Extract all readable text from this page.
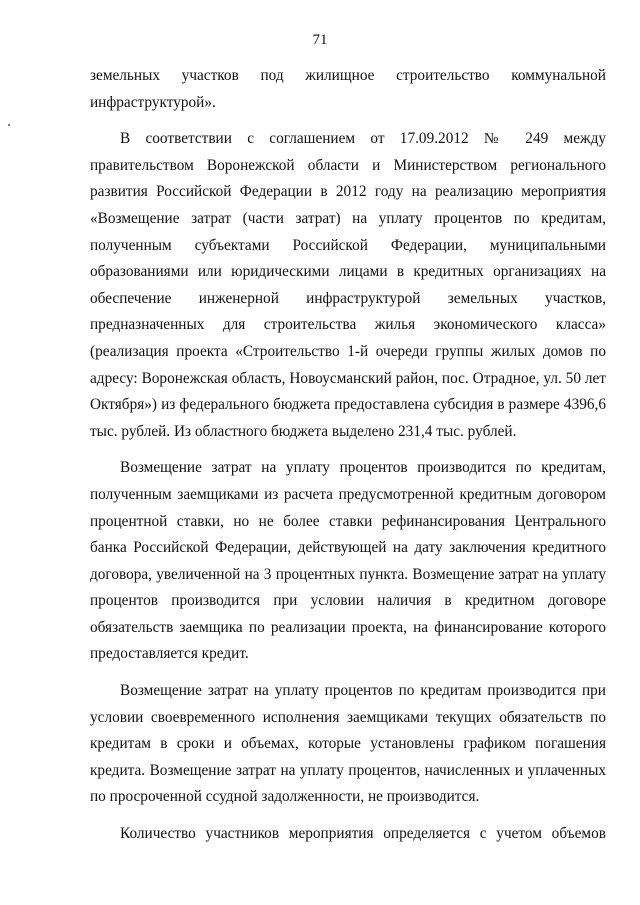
71

земельных участков под жилищное строительство коммунальной инфраструктурой».

В соответствии с соглашением от 17.09.2012 № 249 между правительством Воронежской области и Министерством регионального развития Российской Федерации в 2012 году на реализацию мероприятия «Возмещение затрат (части затрат) на уплату процентов по кредитам, полученным субъектами Российской Федерации, муниципальными образованиями или юридическими лицами в кредитных организациях на обеспечение инженерной инфраструктурой земельных участков, предназначенных для строительства жилья экономического класса» (реализация проекта «Строительство 1-й очереди группы жилых домов по адресу: Воронежская область, Новоусманский район, пос. Отрадное, ул. 50 лет Октября») из федерального бюджета предоставлена субсидия в размере 4396,6 тыс. рублей. Из областного бюджета выделено 231,4 тыс. рублей.

Возмещение затрат на уплату процентов производится по кредитам, полученным заемщиками из расчета предусмотренной кредитным договором процентной ставки, но не более ставки рефинансирования Центрального банка Российской Федерации, действующей на дату заключения кредитного договора, увеличенной на 3 процентных пункта. Возмещение затрат на уплату процентов производится при условии наличия в кредитном договоре обязательств заемщика по реализации проекта, на финансирование которого предоставляется кредит.

Возмещение затрат на уплату процентов по кредитам производится при условии своевременного исполнения заемщиками текущих обязательств по кредитам в сроки и объемах, которые установлены графиком погашения кредита. Возмещение затрат на уплату процентов, начисленных и уплаченных по просроченной ссудной задолженности, не производится.

Количество участников мероприятия определяется с учетом объемов
